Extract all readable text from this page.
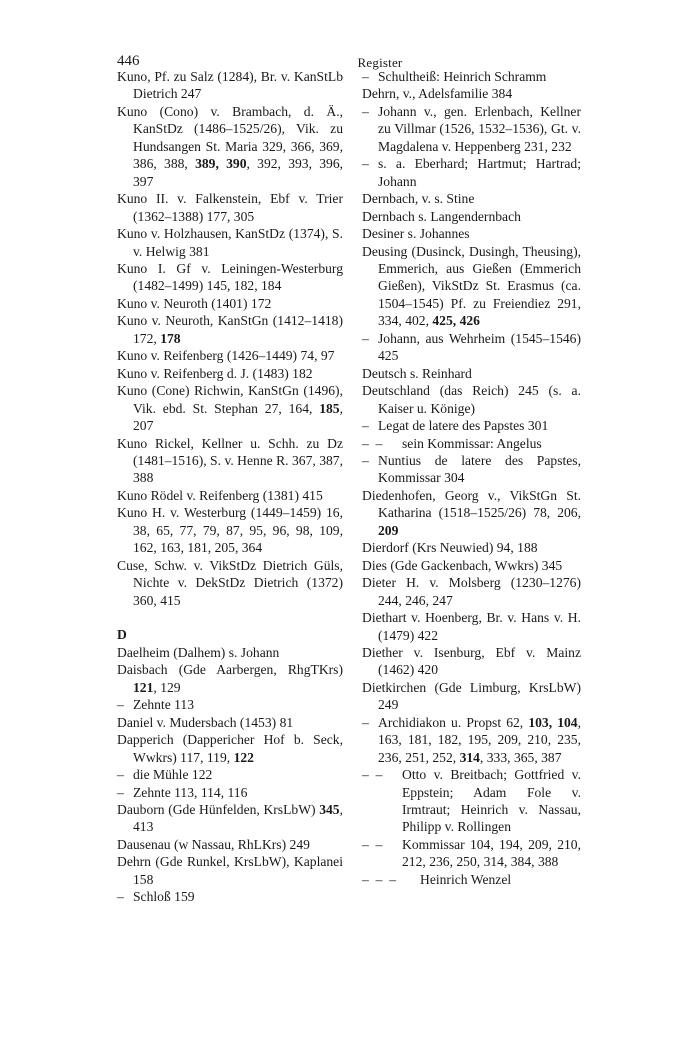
446	Register
Kuno, Pf. zu Salz (1284), Br. v. KanStLb Dietrich 247
Kuno (Cono) v. Brambach, d. Ä., KanStDz (1486–1525/26), Vik. zu Hundsangen St. Maria 329, 366, 369, 386, 388, 389, 390, 392, 393, 396, 397
Kuno II. v. Falkenstein, Ebf v. Trier (1362–1388) 177, 305
Kuno v. Holzhausen, KanStDz (1374), S. v. Helwig 381
Kuno I. Gf v. Leiningen-Westerburg (1482–1499) 145, 182, 184
Kuno v. Neuroth (1401) 172
Kuno v. Neuroth, KanStGn (1412–1418) 172, 178
Kuno v. Reifenberg (1426–1449) 74, 97
Kuno v. Reifenberg d. J. (1483) 182
Kuno (Cone) Richwin, KanStGn (1496), Vik. ebd. St. Stephan 27, 164, 185, 207
Kuno Rickel, Kellner u. Schh. zu Dz (1481–1516), S. v. Henne R. 367, 387, 388
Kuno Rödel v. Reifenberg (1381) 415
Kuno H. v. Westerburg (1449–1459) 16, 38, 65, 77, 79, 87, 95, 96, 98, 109, 162, 163, 181, 205, 364
Cuse, Schw. v. VikStDz Dietrich Güls, Nichte v. DekStDz Dietrich (1372) 360, 415
D
Daelheim (Dalhem) s. Johann
Daisbach (Gde Aarbergen, RhgTKrs) 121, 129
– Zehnte 113
Daniel v. Mudersbach (1453) 81
Dapperich (Dappericher Hof b. Seck, Wwkrs) 117, 119, 122
– die Mühle 122
– Zehnte 113, 114, 116
Dauborn (Gde Hünfelden, KrsLbW) 345, 413
Dausenau (w Nassau, RhLKrs) 249
Dehrn (Gde Runkel, KrsLbW), Kaplanei 158
– Schloß 159
– Schultheiß: Heinrich Schramm
Dehrn, v., Adelsfamilie 384
– Johann v., gen. Erlenbach, Kellner zu Villmar (1526, 1532–1536), Gt. v. Magdalena v. Heppenberg 231, 232
– s. a. Eberhard; Hartmut; Hartrad; Johann
Dernbach, v. s. Stine
Dernbach s. Langendernbach
Desiner s. Johannes
Deusing (Dusinck, Dusingh, Theusing), Emmerich, aus Gießen (Emmerich Gießen), VikStDz St. Erasmus (ca. 1504–1545) Pf. zu Freiendiez 291, 334, 402, 425, 426
– Johann, aus Wehrheim (1545–1546) 425
Deutsch s. Reinhard
Deutschland (das Reich) 245 (s. a. Kaiser u. Könige)
– Legat de latere des Papstes 301
–  – sein Kommissar: Angelus
– Nuntius de latere des Papstes, Kommissar 304
Diedenhofen, Georg v., VikStGn St. Katharina (1518–1525/26) 78, 206, 209
Dierdorf (Krs Neuwied) 94, 188
Dies (Gde Gackenbach, Wwkrs) 345
Dieter H. v. Molsberg (1230–1276) 244, 246, 247
Diethart v. Hoenberg, Br. v. Hans v. H. (1479) 422
Diether v. Isenburg, Ebf v. Mainz (1462) 420
Dietkirchen (Gde Limburg, KrsLbW) 249
– Archidiakon u. Propst 62, 103, 104, 163, 181, 182, 195, 209, 210, 235, 236, 251, 252, 314, 333, 365, 387
–  – Otto v. Breitbach; Gottfried v. Eppstein; Adam Fole v. Irmtraut; Heinrich v. Nassau, Philipp v. Rollingen
–  – Kommissar 104, 194, 209, 210, 212, 236, 250, 314, 384, 388
–  –  – Heinrich Wenzel
